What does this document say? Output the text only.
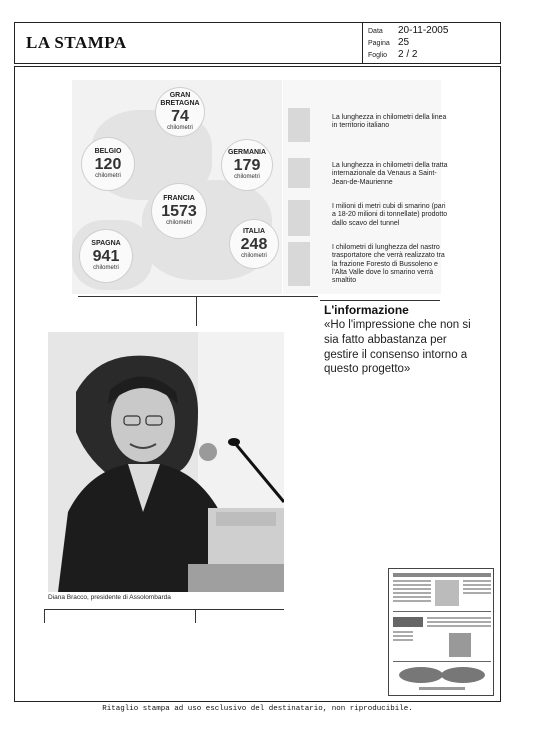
LA STAMPA
Data 20-11-2005
Pagina 25
Foglio 2 / 2
GRAN BRETAGNA
74
chilometri
BELGIO
120
chilometri
GERMANIA
179
chilometri
FRANCIA
1573
chilometri
ITALIA
248
chilometri
SPAGNA
941
chilometri
La lunghezza in chilometri della linea in territorio italiano
La lunghezza in chilometri della tratta internazionale da Venaus a Saint-Jean-de-Maurienne
I milioni di metri cubi di smarino (pari a 18-20 milioni di tonnellate) prodotto dallo scavo del tunnel
I chilometri di lunghezza del nastro trasportatore che verrà realizzato tra la frazione Foresto di Bussoleno e l'Alta Valle dove lo smarino verrà smaltito
L'informazione
«Ho l'impressione che non si sia fatto abbastanza per gestire il consenso intorno a questo progetto»
Diana Bracco, presidente di Assolombarda
Ritaglio stampa ad uso esclusivo del destinatario, non riproducibile.
